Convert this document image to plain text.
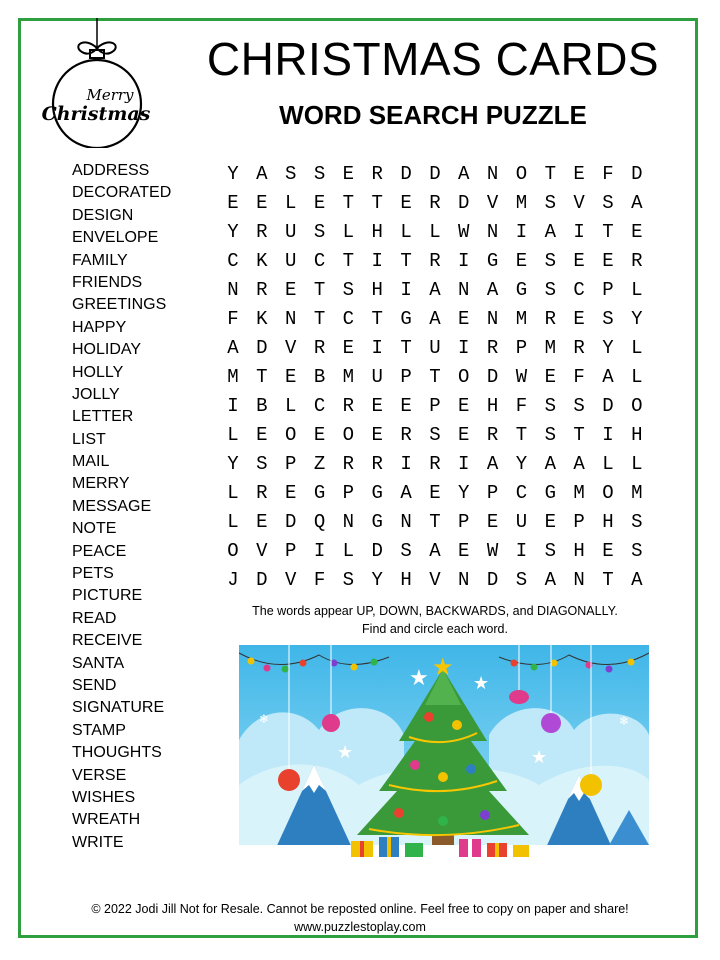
Merry
Christmas
CHRISTMAS CARDS
WORD SEARCH PUZZLE
ADDRESS
DECORATED
DESIGN
ENVELOPE
FAMILY
FRIENDS
GREETINGS
HAPPY
HOLIDAY
HOLLY
JOLLY
LETTER
LIST
MAIL
MERRY
MESSAGE
NOTE
PEACE
PETS
PICTURE
READ
RECEIVE
SANTA
SEND
SIGNATURE
STAMP
THOUGHTS
VERSE
WISHES
WREATH
WRITE
Y A S S E R D D A N O T E F D
E E L E T T E R D V M S V S A
Y R U S L H L L W N I A I T E
C K U C T I T R I G E S E E R
N R E T S H I A N A G S C P L
F K N T C T G A E N M R E S Y
A D V R E I T U I R P M R Y L
M T E B M U P T O D W E F A L
I B L C R E E P E H F S S D O
L E O E O E R S E R T S T I H
Y S P Z R R I R I A Y A A L L
L R E G P G A E Y P C G M O M
L E D Q N G N T P E U E P H S
O V P I L D S A E W I S H E S
J D V F S Y H V N D S A N T A
The words appear UP, DOWN, BACKWARDS, and DIAGONALLY.
Find and circle each word.
★ ★
★	★
❄	❄
★
© 2022 Jodi Jill Not for Resale. Cannot be reposted online. Feel free to copy on paper and share!
www.puzzlestoplay.com
